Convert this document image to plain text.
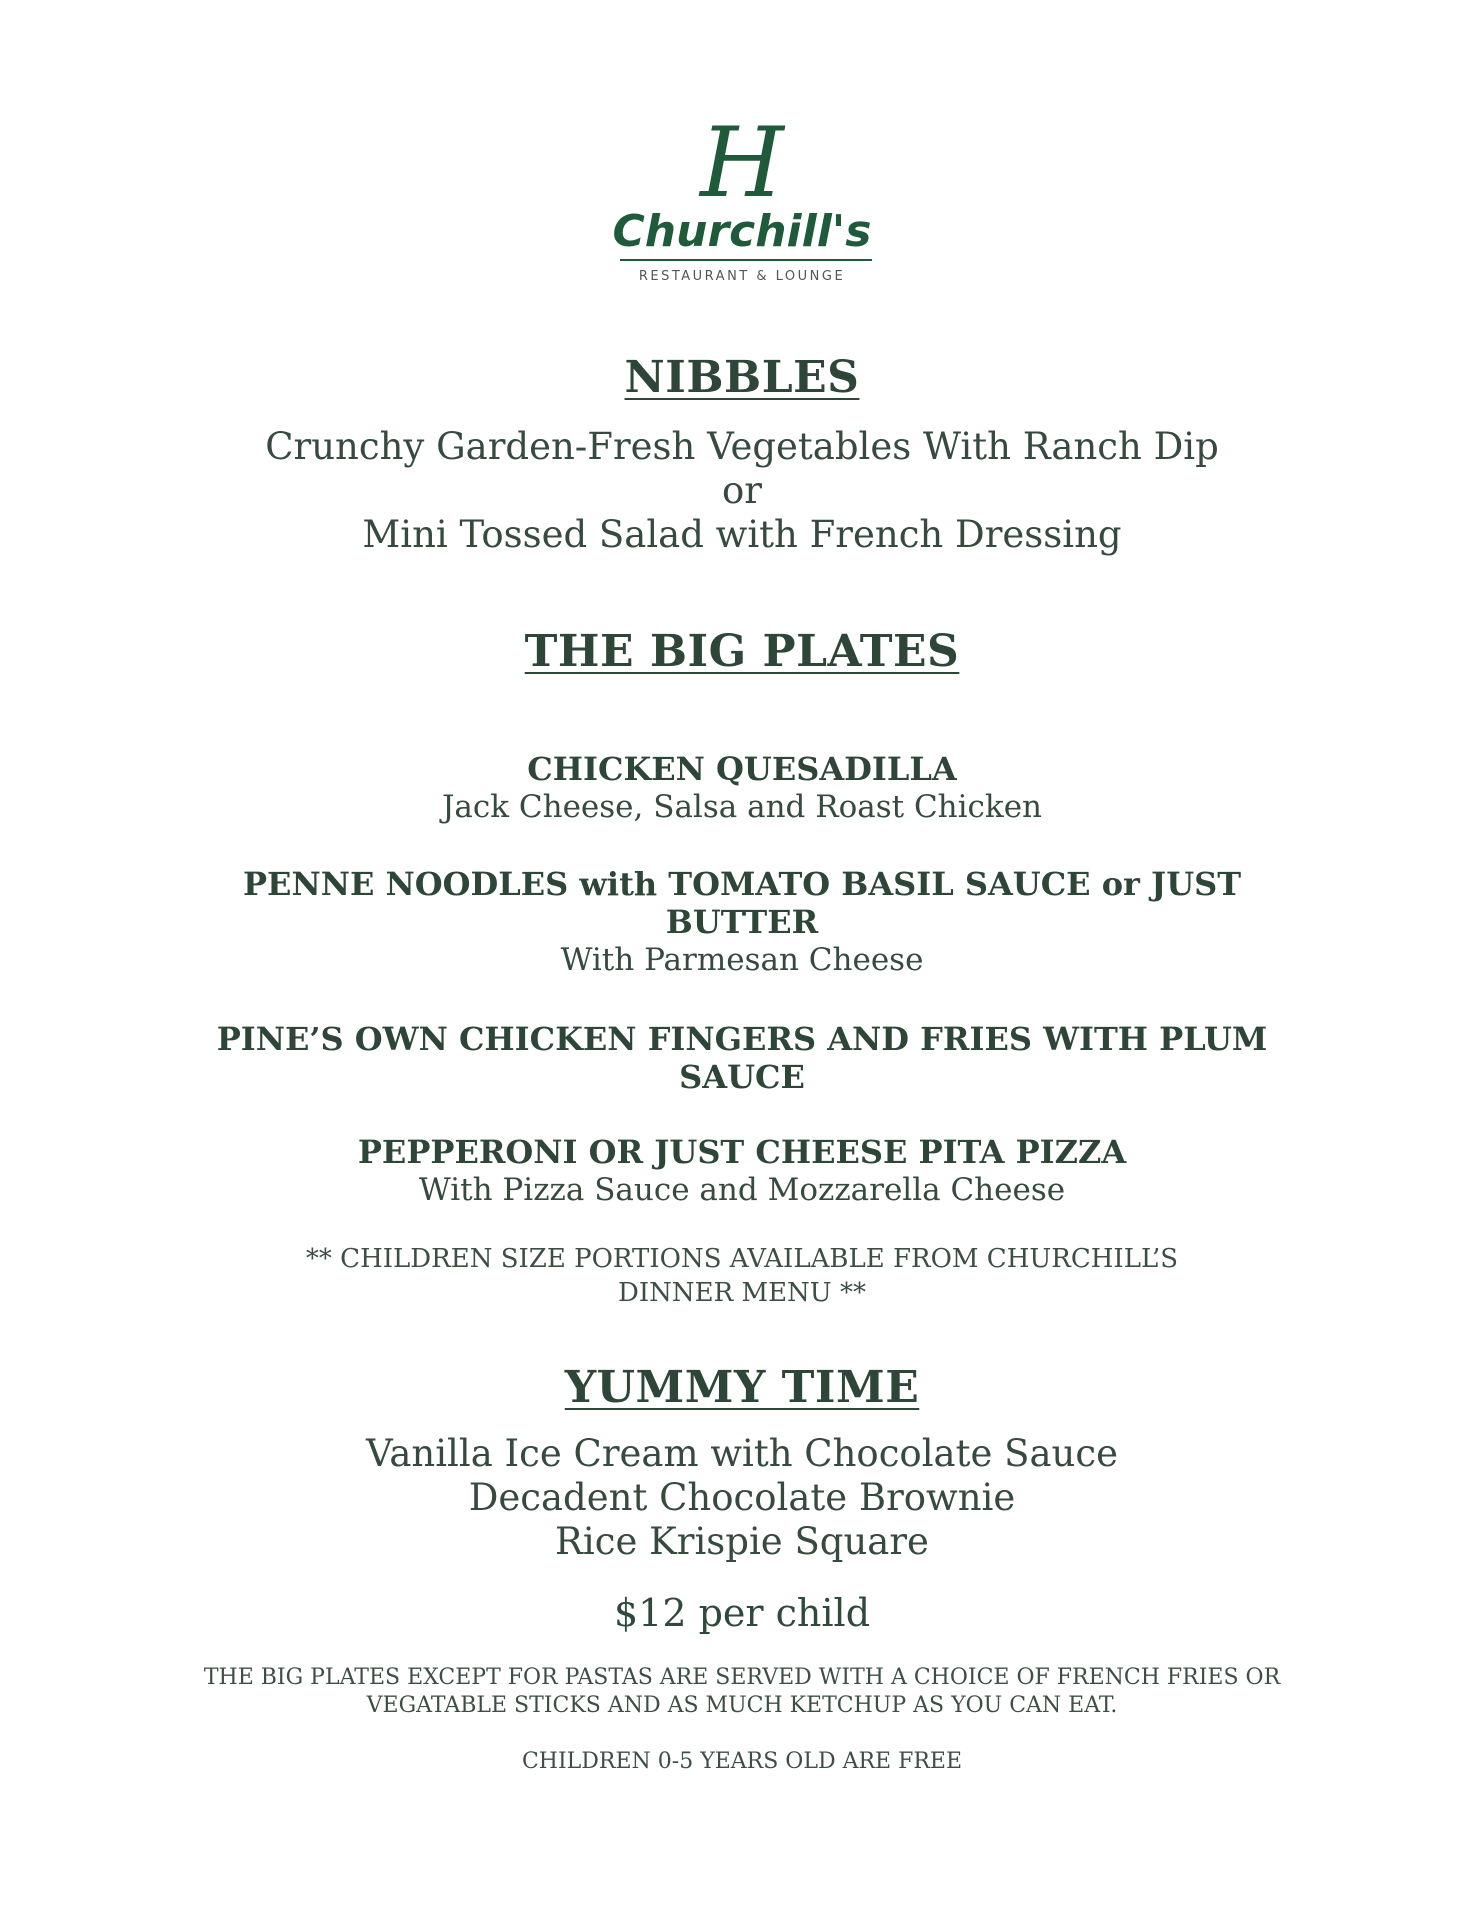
H
Churchill's
RESTAURANT & LOUNGE
NIBBLES
Crunchy Garden-Fresh Vegetables With Ranch Dip
or
Mini Tossed Salad with French Dressing
THE BIG PLATES
CHICKEN QUESADILLA
Jack Cheese, Salsa and Roast Chicken
PENNE NOODLES with TOMATO BASIL SAUCE or JUST BUTTER
With Parmesan Cheese
PINE’S OWN CHICKEN FINGERS AND FRIES WITH PLUM SAUCE
PEPPERONI OR JUST CHEESE PITA PIZZA
With Pizza Sauce and Mozzarella Cheese
** CHILDREN SIZE PORTIONS AVAILABLE FROM CHURCHILL’S DINNER MENU **
YUMMY TIME
Vanilla Ice Cream with Chocolate Sauce
Decadent Chocolate Brownie
Rice Krispie Square
$12 per child
THE BIG PLATES EXCEPT FOR PASTAS ARE SERVED WITH A CHOICE OF FRENCH FRIES OR VEGATABLE STICKS AND AS MUCH KETCHUP AS YOU CAN EAT.
CHILDREN 0-5 YEARS OLD ARE FREE
